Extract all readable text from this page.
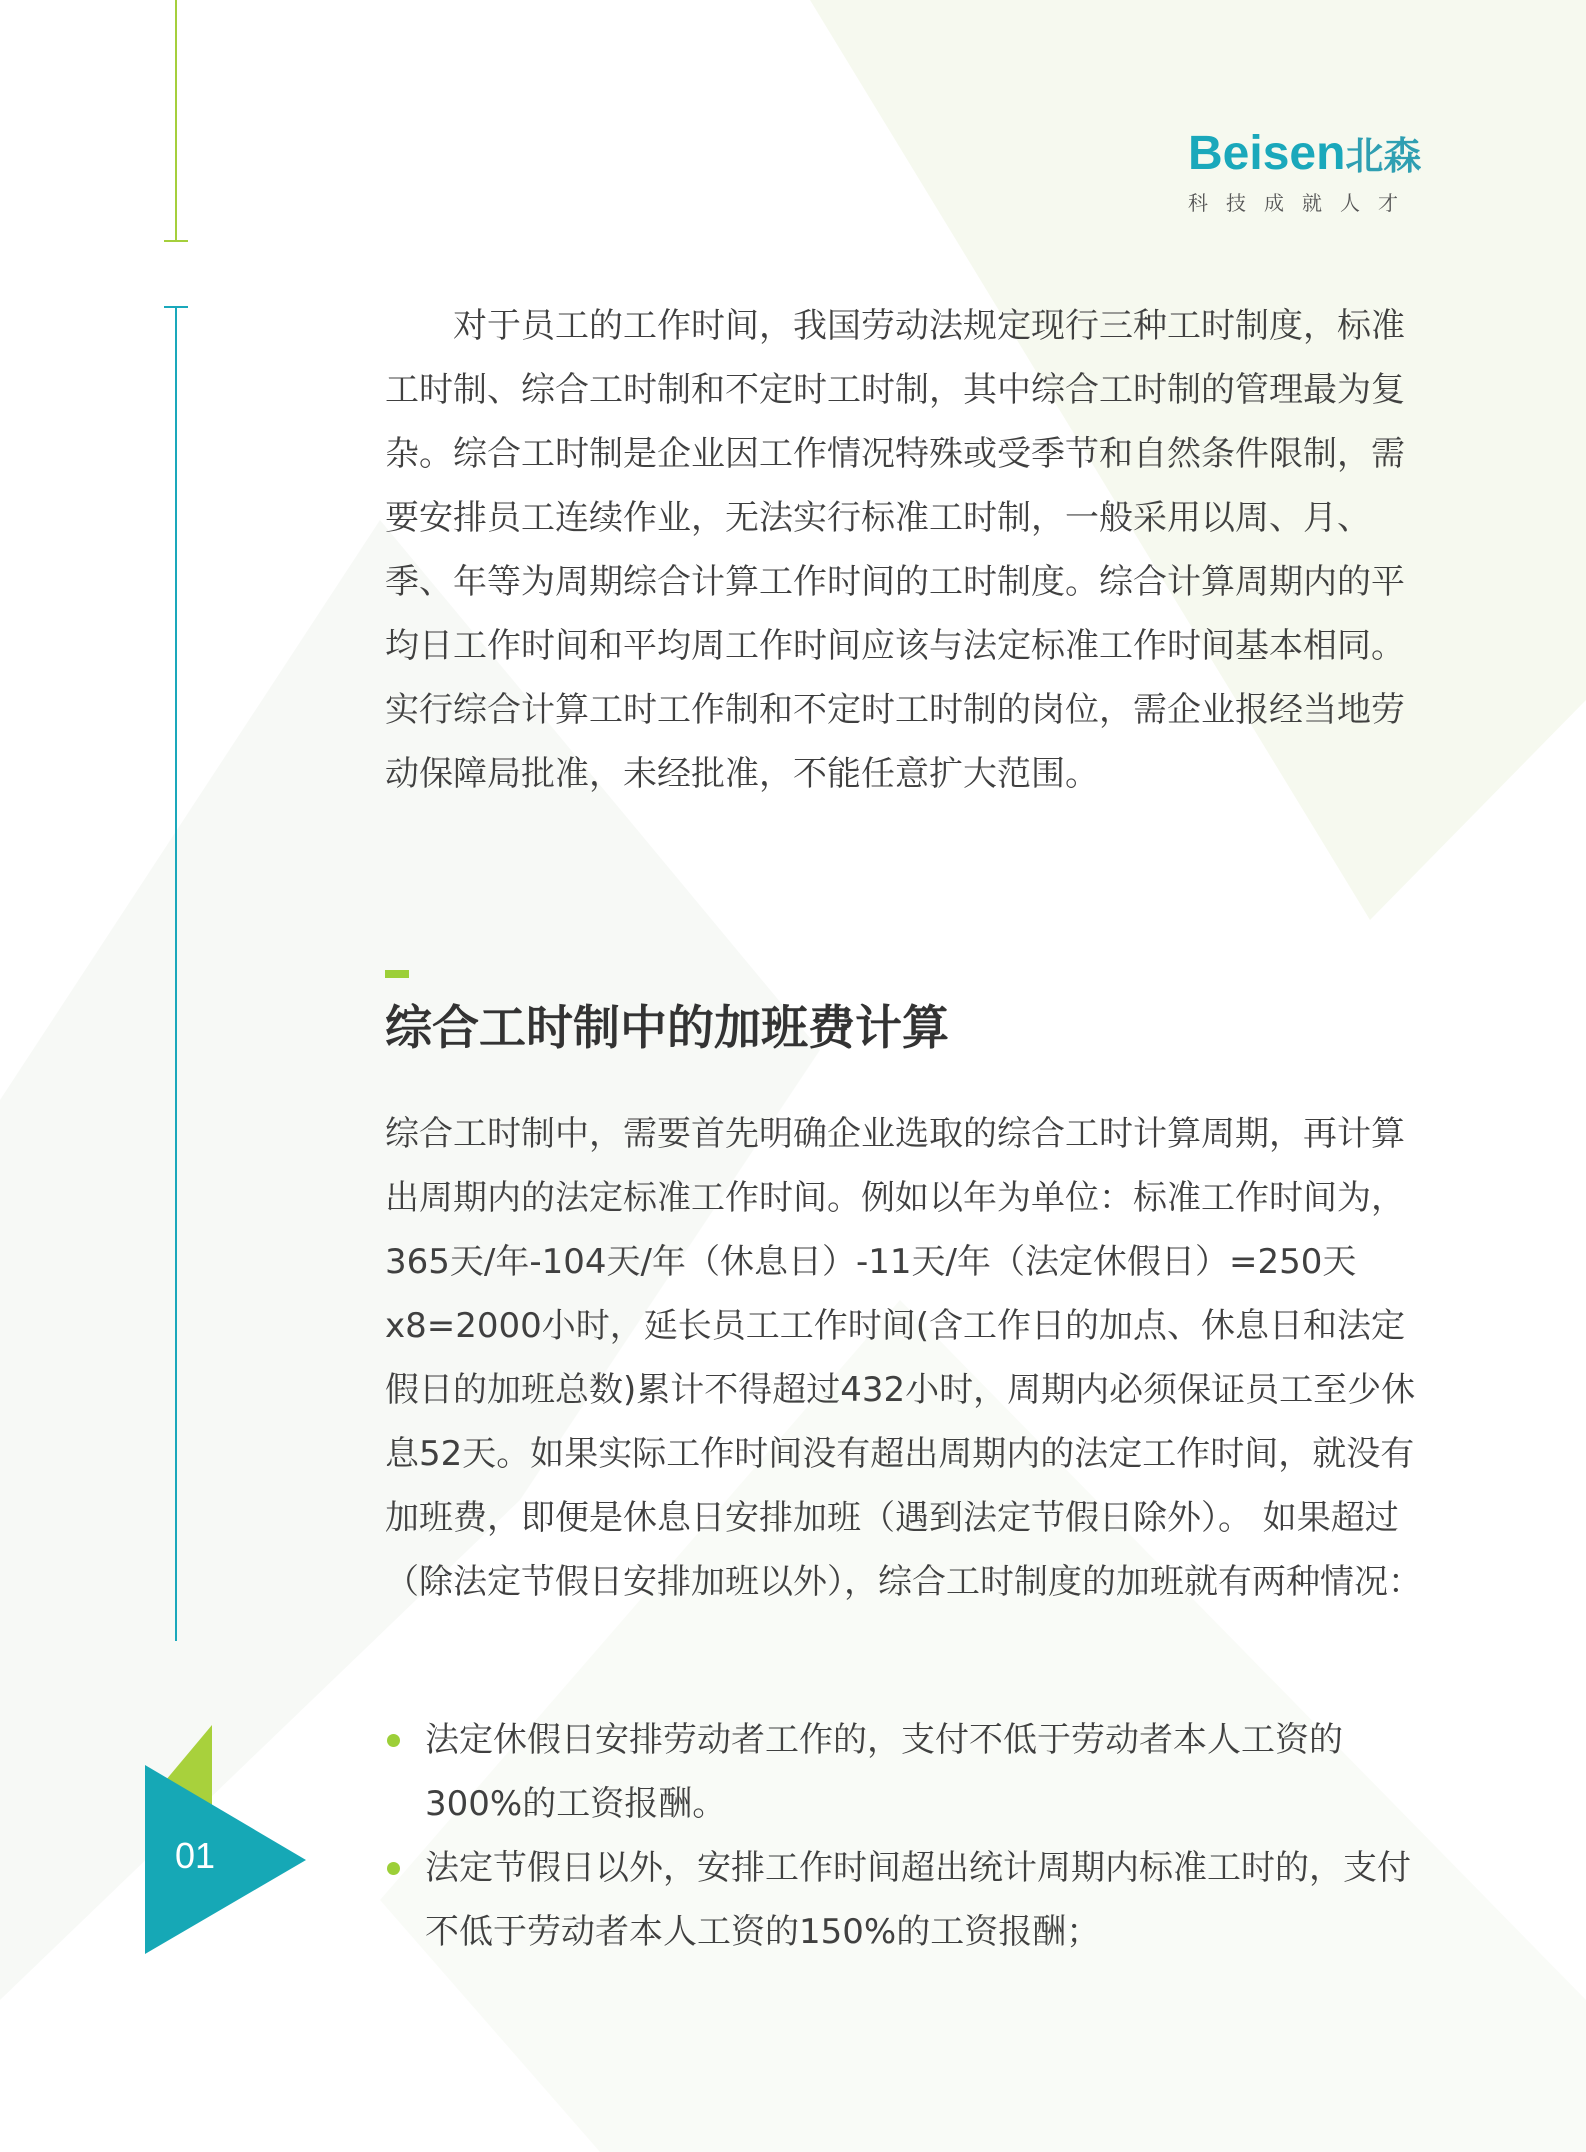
Beisen北森
科技成就人才

对于员工的工作时间，我国劳动法规定现行三种工时制度，标准工时制、综合工时制和不定时工时制，其中综合工时制的管理最为复杂。综合工时制是企业因工作情况特殊或受季节和自然条件限制，需要安排员工连续作业，无法实行标准工时制，一般采用以周、月、季、年等为周期综合计算工作时间的工时制度。综合计算周期内的平均日工作时间和平均周工作时间应该与法定标准工作时间基本相同。实行综合计算工时工作制和不定时工时制的岗位，需企业报经当地劳动保障局批准，未经批准，不能任意扩大范围。

综合工时制中的加班费计算

综合工时制中，需要首先明确企业选取的综合工时计算周期，再计算出周期内的法定标准工作时间。例如以年为单位：标准工作时间为，365天/年-104天/年（休息日）-11天/年（法定休假日）=250天x8=2000小时，延长员工工作时间(含工作日的加点、休息日和法定假日的加班总数)累计不得超过432小时，周期内必须保证员工至少休息52天。如果实际工作时间没有超出周期内的法定工作时间，就没有加班费，即便是休息日安排加班（遇到法定节假日除外）。 如果超过（除法定节假日安排加班以外），综合工时制度的加班就有两种情况：

法定休假日安排劳动者工作的，支付不低于劳动者本人工资的300%的工资报酬。
法定节假日以外，安排工作时间超出统计周期内标准工时的，支付不低于劳动者本人工资的150%的工资报酬；
01
